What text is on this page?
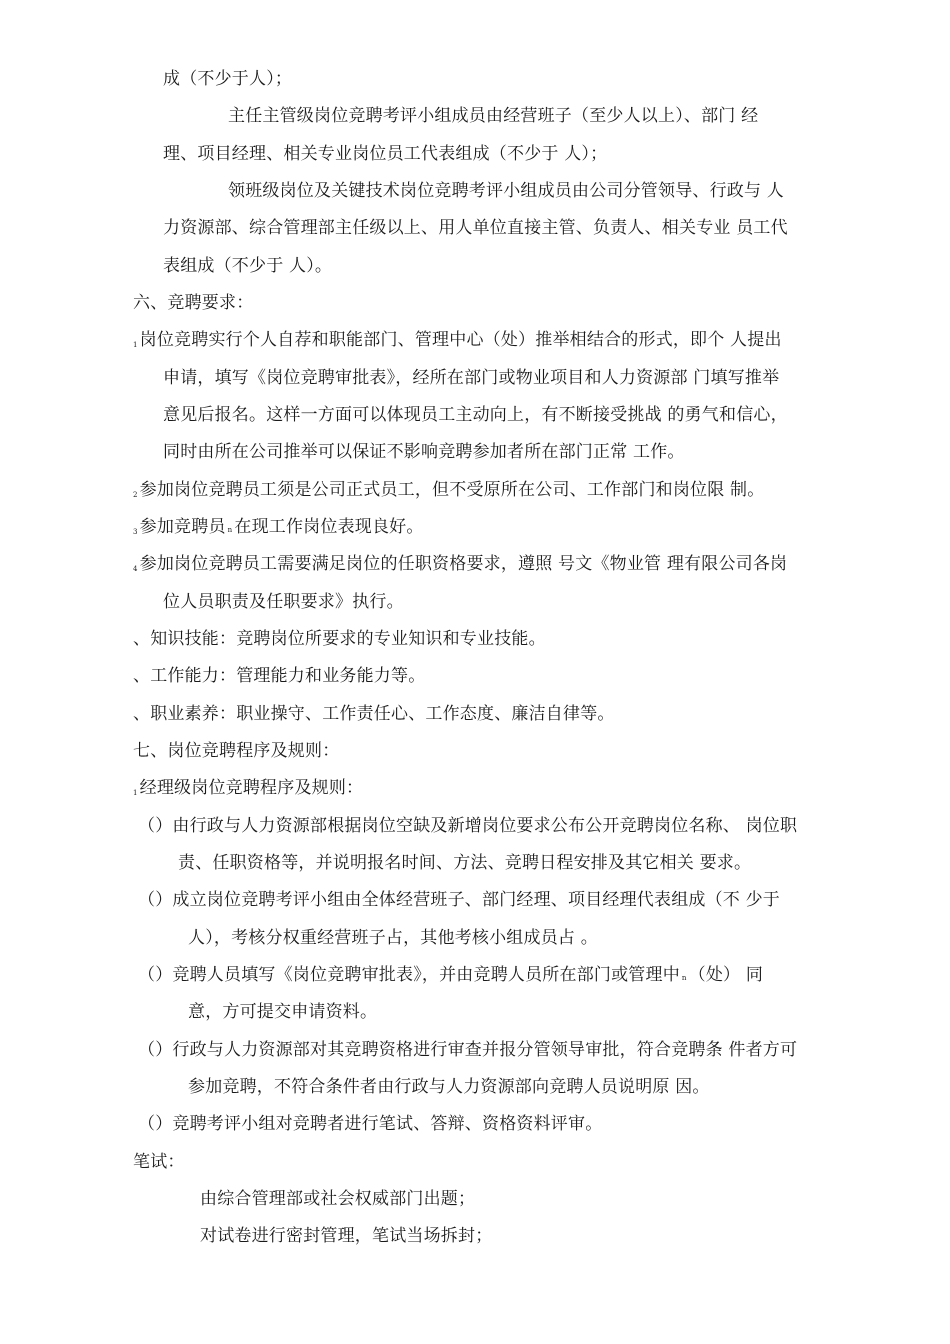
成（不少于人）；
主任主管级岗位竞聘考评小组成员由经营班子（至少人以上）、部门 经
理、项目经理、相关专业岗位员工代表组成（不少于 人）；
领班级岗位及关键技术岗位竞聘考评小组成员由公司分管领导、行政与 人
力资源部、综合管理部主任级以上、用人单位直接主管、负责人、相关专业 员工代
表组成（不少于 人）。
六、竞聘要求：
1 岗位竞聘实行个人自荐和职能部门、管理中心（处）推举相结合的形式，即个 人提出
申请，填写《岗位竞聘审批表》，经所在部门或物业项目和人力资源部 门填写推举
意见后报名。这样一方面可以体现员工主动向上，有不断接受挑战 的勇气和信心，
同时由所在公司推举可以保证不影响竞聘参加者所在部门正常 工作。
2 参加岗位竞聘员工须是公司正式员工，但不受原所在公司、工作部门和岗位限 制。
3 参加竞聘员 n 在现工作岗位表现良好。
4 参加岗位竞聘员工需要满足岗位的任职资格要求，遵照 号文《物业管 理有限公司各岗
位人员职责及任职要求》执行。
、知识技能：竞聘岗位所要求的专业知识和专业技能。
、工作能力：管理能力和业务能力等。
、职业素养：职业操守、工作责任心、工作态度、廉洁自律等。
七、岗位竞聘程序及规则：
1 经理级岗位竞聘程序及规则：
（）由行政与人力资源部根据岗位空缺及新增岗位要求公布公开竞聘岗位名称、 岗位职
责、任职资格等，并说明报名时间、方法、竞聘日程安排及其它相关 要求。
（）成立岗位竞聘考评小组由全体经营班子、部门经理、项目经理代表组成（不 少于
人），考核分权重经营班子占，其他考核小组成员占 。
（）竞聘人员填写《岗位竞聘审批表》，并由竞聘人员所在部门或管理中 n （处） 同
意，方可提交申请资料。
（）行政与人力资源部对其竞聘资格进行审查并报分管领导审批，符合竞聘条 件者方可
参加竞聘，不符合条件者由行政与人力资源部向竞聘人员说明原 因。
（）竞聘考评小组对竞聘者进行笔试、答辩、资格资料评审。
笔试：
由综合管理部或社会权威部门出题；
对试卷进行密封管理，笔试当场拆封；
